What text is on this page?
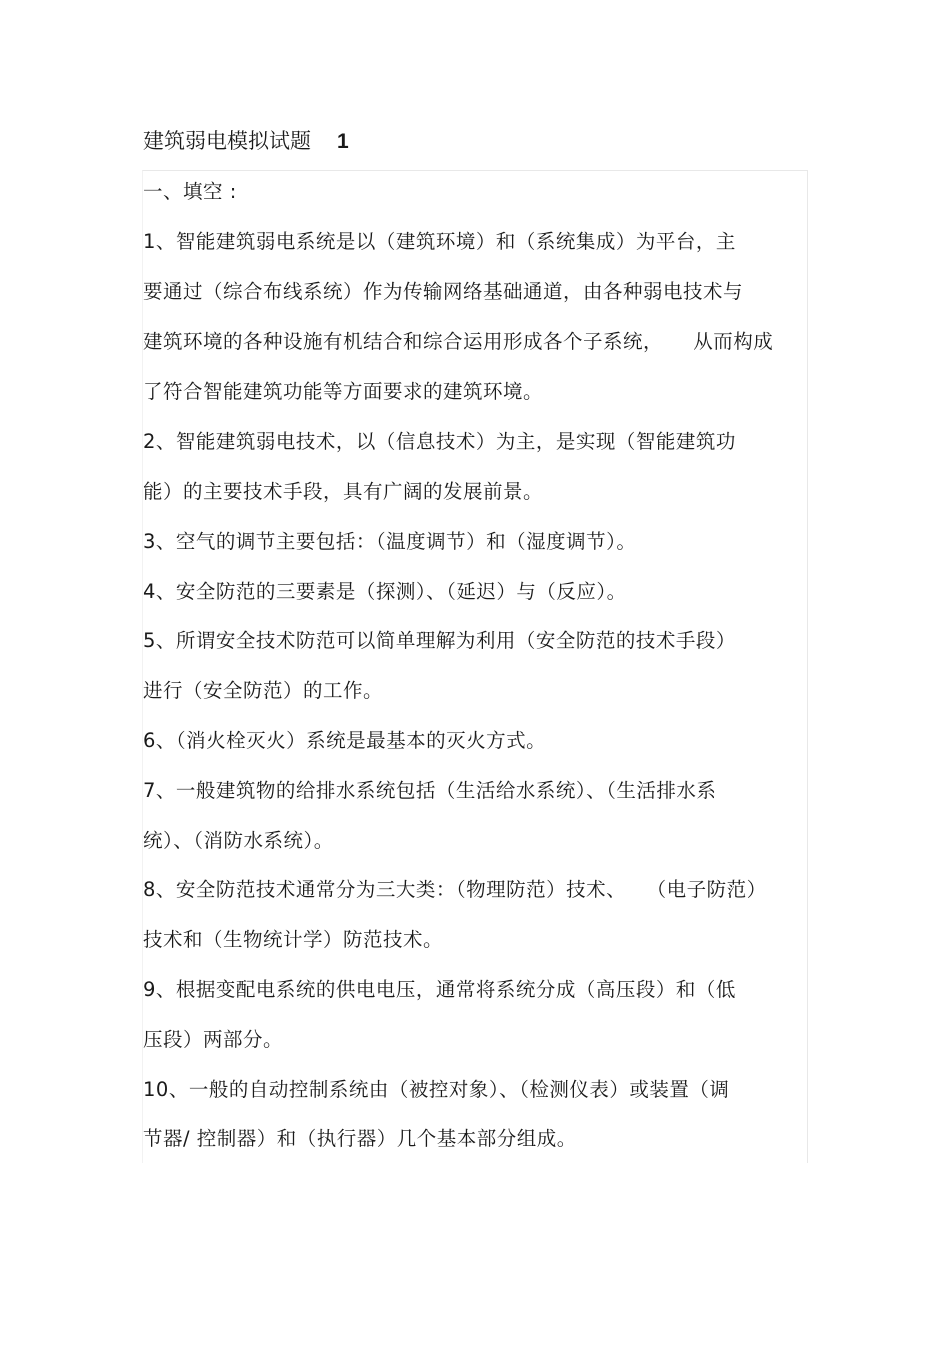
建筑弱电模拟试题 1
一、填空 :
1、智能建筑弱电系统是以（建筑环境）和（系统集成）为平台，主
要通过（综合布线系统）作为传输网络基础通道，由各种弱电技术与
建筑环境的各种设施有机结合和综合运用形成各个子系统，　　从而构成
了符合智能建筑功能等方面要求的建筑环境。
2、智能建筑弱电技术，以（信息技术）为主，是实现（智能建筑功
能）的主要技术手段，具有广阔的发展前景。
3、空气的调节主要包括：（温度调节）和（湿度调节）。
4、安全防范的三要素是（探测）、（延迟）与（反应）。
5、所谓安全技术防范可以简单理解为利用（安全防范的技术手段）
进行（安全防范）的工作。
6、（消火栓灭火）系统是最基本的灭火方式。
7、一般建筑物的给排水系统包括（生活给水系统）、（生活排水系
统）、（消防水系统）。
8、安全防范技术通常分为三大类：（物理防范）技术、　　（电子防范）
技术和（生物统计学）防范技术。
9、根据变配电系统的供电电压，通常将系统分成（高压段）和（低
压段）两部分。
10、一般的自动控制系统由（被控对象）、（检测仪表）或装置（调
节器/ 控制器）和（执行器）几个基本部分组成。
